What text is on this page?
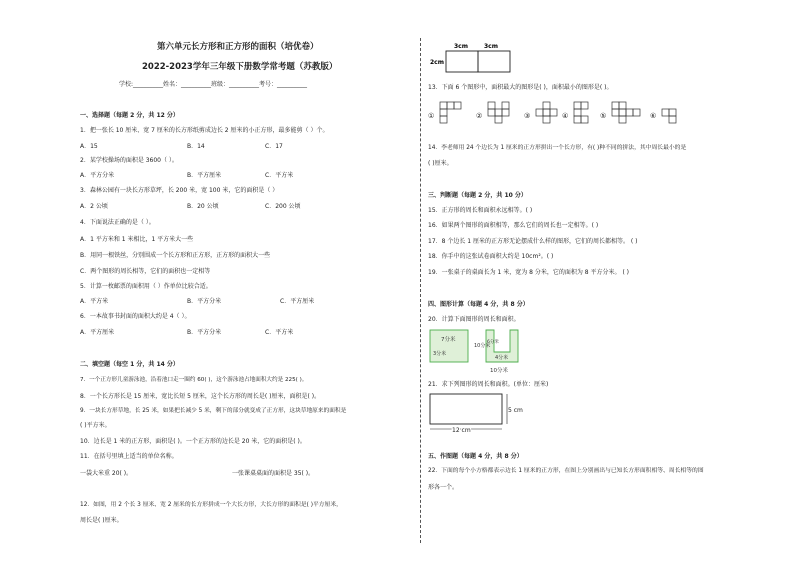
第六单元长方形和正方形的面积（培优卷）
2022-2023学年三年级下册数学常考题（苏教版）
学校:__________姓名：__________班级：__________考号：__________
一、选择题（每题 2 分，共 12 分）
1．把一张长 10 厘米、宽 7 厘米的长方形纸剪成边长 2 厘米的小正方形，最多能剪（ ）个。
A．15	B．14	C．17
2．某学校操场的面积是 3600（ ）。
A．平方分米	B．平方厘米	C．平方米
3．森林公园有一块长方形草坪，长 200 米，宽 100 米，它的面积是（ ）
A．2 公顷	B．20 公顷	C．200 公顷
4．下面说法正确的是（ ）。
A．1 平方米和 1 米相比，1 平方米大一些
B．用同一根铁丝，分别围成一个长方形和正方形，正方形的面积大一些
C．两个图形的周长相等，它们的面积也一定相等
5．计算一枚邮票的面积用（ ）作单位比较合适。
A．平方米	B．平方分米	C．平方厘米
6．一本故事书封面的面积大约是 4（ ）。
A．平方厘米	B．平方分米	C．平方米
二、填空题（每空 1 分，共 14 分）
7．一个正方形儿童游泳池，沿着池口走一圈约 60( )，这个游泳池占地面积大约是 225( )。
8．一个长方形长是 15 厘米，宽比长短 5 厘米，这个长方形的周长是( )厘米，面积是( )。
9．一块长方形草地，长 25 米，如果把长减少 5 米，剩下的部分就变成了正方形，这块草地原来的面积是
( )平方米。
10．边长是 1 米的正方形，面积是( )。一个正方形的边长是 20 米，它的面积是( )。
11．在括号里填上适当的单位名称。
一袋大米重 20( )。	一张课桌桌面的面积是 35( )。
12．如图，用 2 个长 3 厘米、宽 2 厘米的长方形拼成一个大长方形，大长方形的面积是( )平方厘米，
周长是( )厘米。
3cm	3cm
2cm
13．下面 6 个图形中，面积最大的图形是( )，面积最小的图形是( )。
①	②	③	④	⑤	⑥
14．李老师用 24 个边长为 1 厘米的正方形拼出一个长方形，有( )种不同的拼法，其中周长最小的是
( )厘米。
三、判断题（每题 2 分，共 10 分）
15．正方形的周长和面积永远相等。( )
16．如果两个图形的面积相等，那么它们的周长也一定相等。( )
17．8 个边长 1 厘米的正方形无论摆成什么样的图形，它们的周长都相等。 ( )
18．你手中的这张试卷面积大约是 10cm²。( )
19．一张桌子的桌面长为 1 米，宽为 8 分米，它的面积为 8 平方分米。 ( )
四、图形计算（每题 4 分，共 8 分）
20．计算下面图形的周长和面积。
7分米
3分米
10分米
6分米
4分米
10分米
21．求下列图形的周长和面积。(单位：厘米)
5 cm
12 cm
五、作图题（每题 4 分，共 8 分）
22．下面的每个小方格都表示边长 1 厘米的正方形，在图上分别画出与已知长方形面积相等、周长相等的图
形各一个。
